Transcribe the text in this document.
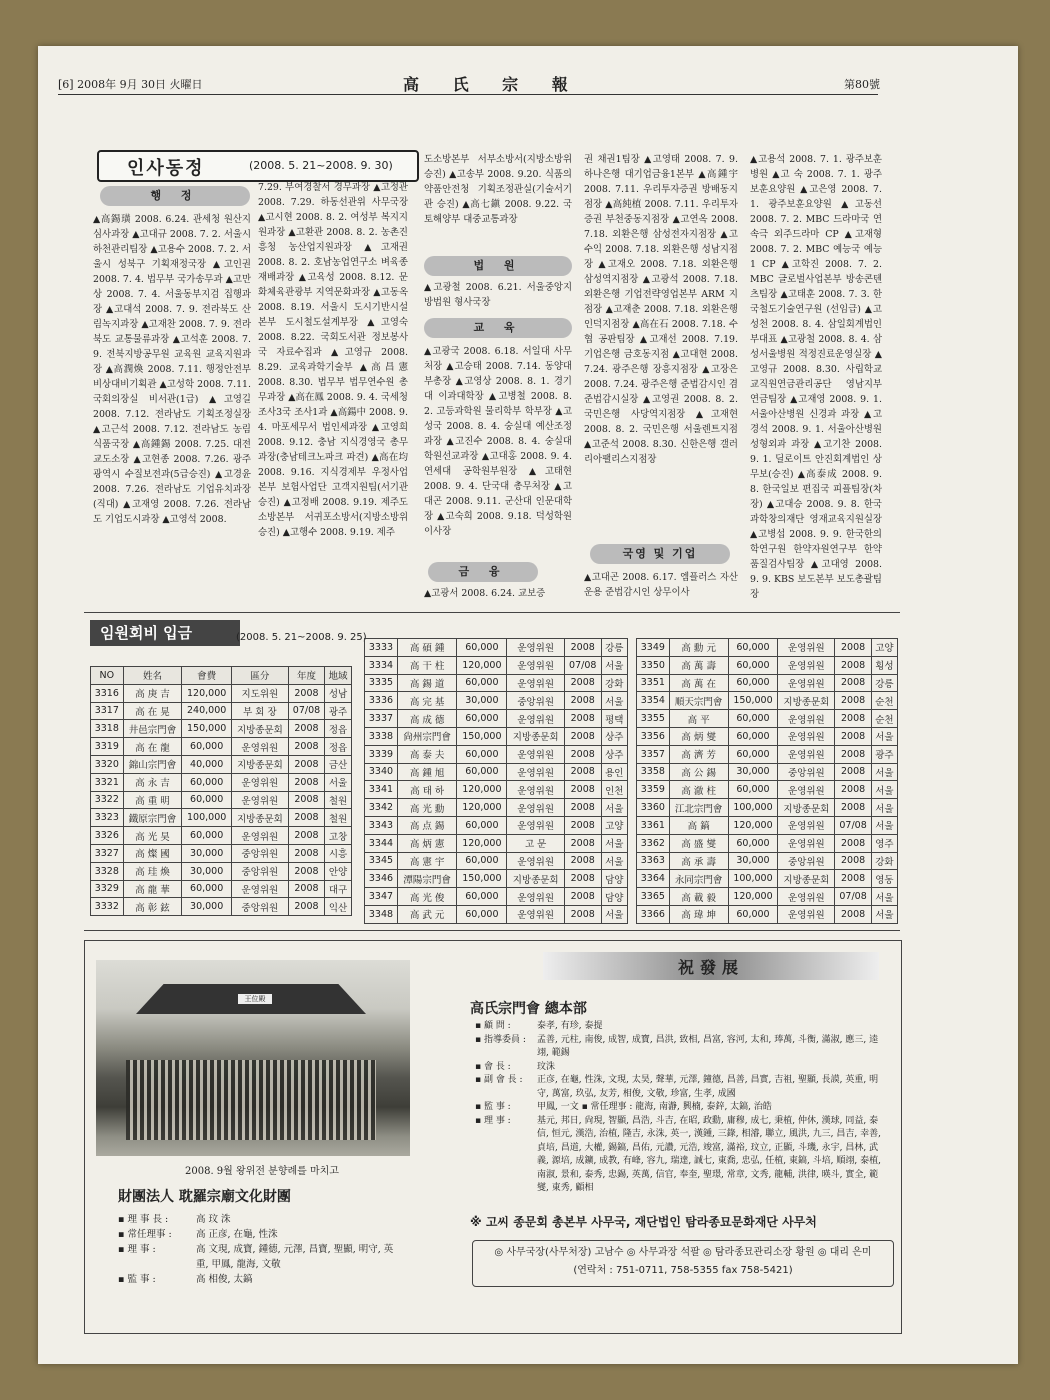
[6] 2008年 9月 30日 火曜日	高 氏 宗 報	第80號
인사동정	(2008. 5. 21~2008. 9. 30)
행 정
▲高錫璜 2008. 6.24. 관세청 원산지심사과장 ▲고대규 2008. 7. 2. 서울시 하천관리팀장 ▲고용수 2008. 7. 2. 서울시 성북구 기획재정국장 ▲고인권 2008. 7. 4. 법무부 국가송무과 ▲고만상 2008. 7. 4. 서울동부지검 집행과장 ▲고대석 2008. 7. 9. 전라북도 산림녹지과장 ▲고재찬 2008. 7. 9. 전라북도 교통물류과장 ▲고석훈 2008. 7. 9. 전북지방공무원 교육원 교육지원과장 ▲高潤煥 2008. 7.11. 행정안전부 비상대비기획관 ▲고성학 2008. 7.11. 국회의장실 비서관(1급) ▲고영길 2008. 7.12. 전라남도 기획조정실장 ▲고근석 2008. 7.12. 전라남도 농림식품국장 ▲高鍾錫 2008. 7.25. 대전교도소장 ▲고현종 2008. 7.26. 광주광역시 수질보전과(5급승진) ▲고경윤 2008. 7.26. 전라남도 기업유치과장(직대) ▲고재영 2008. 7.26. 전라남도 기업도시과장 ▲고영석 2008.
7.29. 부여경찰서 경무과장 ▲고정관 2008. 7.29. 하동선관위 사무국장 ▲고시현 2008. 8. 2. 여성부 복지지원과장 ▲고환관 2008. 8. 2. 농촌진흥청 농산업지원과장 ▲고재권 2008. 8. 2. 호남농업연구소 벼육종재배과장 ▲고육성 2008. 8.12. 문화체육관광부 지역문화과장 ▲고동옥 2008. 8.19. 서울시 도시기반시설본부 도시철도설계부장 ▲고영숙 2008. 8.22. 국회도서관 정보봉사국 자료수집과 ▲고영규 2008. 8.29. 교육과학기술부 ▲高昌憲 2008. 8.30. 법무부 법무연수원 총무과장 ▲高在鳳 2008. 9. 4. 국세청 조사3국 조사1과 ▲高鍚中 2008. 9. 4. 마포세무서 법인세과장 ▲고영희 2008. 9.12. 충남 지식경영국 총무과장(충남테크노파크 파견) ▲高在均 2008. 9.16. 지식경제부 우정사업본부 보험사업단 고객지원팀(서기관승진) ▲고정배 2008. 9.19. 제주도소방본부 서귀포소방서(지방소방위승진) ▲고행수 2008. 9.19. 제주
도소방본부 서부소방서(지방소방위 승진) ▲고송부 2008. 9.20. 식품의약품안전청 기획조정관실(기술서기관 승진) ▲高七鎭 2008. 9.22. 국토해양부 대중교통과장
법 원
▲고광철 2008. 6.21. 서울중앙지방법원 형사국장
교 육
▲고광국 2008. 6.18. 서일대 사무처장 ▲고승태 2008. 7.14. 동양대 부총장 ▲고영상 2008. 8. 1. 경기대 이과대학장 ▲고병철 2008. 8. 2. 고등과학원 물리학부 학부장 ▲고성국 2008. 8. 4. 숭실대 예산조정과장 ▲고진수 2008. 8. 4. 숭실대 학원선교과장 ▲고대홍 2008. 9. 4. 연세대 공학원부원장 ▲고태현 2008. 9. 4. 단국대 총무처장 ▲고대곤 2008. 9.11. 군산대 인문대학장 ▲고숙희 2008. 9.18. 덕성학원 이사장
금 융
▲고광서 2008. 6.24. 교보증
권 채권1팀장 ▲고영태 2008. 7. 9. 하나은행 대기업금융1본부 ▲高鍾宇 2008. 7.11. 우리투자증권 방배동지점장 ▲高純植 2008. 7.11. 우리투자증권 부천중동지점장 ▲고연옥 2008. 7.18. 외환은행 삼성전자지점장 ▲고수익 2008. 7.18. 외환은행 성남지점장 ▲고재오 2008. 7.18. 외환은행 삼성역지점장 ▲고광석 2008. 7.18. 외환은행 기업전략영업본부 ARM 지점장 ▲고재춘 2008. 7.18. 외환은행 인덕지점장 ▲高在石 2008. 7.18. 수협 공판팀장 ▲고재선 2008. 7.19. 기업은행 금호동지점 ▲고대현 2008. 7.24. 광주은행 장흥지점장 ▲고장은 2008. 7.24. 광주은행 준법감시인 겸 준법감시실장 ▲고영권 2008. 8. 2. 국민은행 사당역지점장 ▲고재현 2008. 8. 2. 국민은행 서울렌트지점 ▲고준석 2008. 8.30. 신한은행 갤러리아팰리스지점장
국영 및 기업
▲고대곤 2008. 6.17. 엠플러스 자산운용 준법감시인 상무이사
▲고용석 2008. 7. 1. 광주보훈병원 ▲고 숙 2008. 7. 1. 광주보훈요양원 ▲고은영 2008. 7. 1. 광주보훈요양원 ▲고동선 2008. 7. 2. MBC 드라마국 연속극 외주드라마 CP ▲고재형 2008. 7. 2. MBC 예능국 예능1 CP ▲고학진 2008. 7. 2. MBC 글로벌사업본부 방송콘텐츠팀장 ▲고태훈 2008. 7. 3. 한국철도기술연구원 (선임급) ▲고성천 2008. 8. 4. 삼일회계법인 부대표 ▲고광철 2008. 8. 4. 삼성서울병원 적정진료운영실장 ▲고영규 2008. 8.30. 사립학교교직원연금관리공단 영남지부 연금팀장 ▲고재영 2008. 9. 1. 서울아산병원 신경과 과장 ▲고경석 2008. 9. 1. 서울아산병원 성형외과 과장 ▲고기찬 2008. 9. 1. 딜로이트 안진회계법인 상무보(승진) ▲高泰成 2008. 9. 8. 한국일보 편집국 피플팀장(차장) ▲고대승 2008. 9. 8. 한국과학창의재단 영재교육지원실장 ▲고병섭 2008. 9. 9. 한국한의학연구원 한약자원연구부 한약품질검사팀장 ▲고대영 2008. 9. 9. KBS 보도본부 보도총괄팀장
임원회비 입금	(2008. 5. 21~2008. 9. 25)
NO	姓名	會費	區分	年度	地域
3316	高 庚 吉	120,000	지도위원	2008	성남
3317	高 在 晃	240,000	부 회 장	07/08	광주
3318	井邑宗門會	150,000	지방종문회	2008	정읍
3319	高 在 龍	60,000	운영위원	2008	정읍
3320	錦山宗門會	40,000	지방종문회	2008	금산
3321	高 永 吉	60,000	운영위원	2008	서울
3322	高 重 明	60,000	운영위원	2008	철원
3323	鐵原宗門會	100,000	지방종문회	2008	철원
3326	高 光 昊	60,000	운영위원	2008	고창
3327	高 燦 國	30,000	중앙위원	2008	시흥
3328	高 珪 煥	30,000	중앙위원	2008	안양
3329	高 龍 華	60,000	운영위원	2008	대구
3332	高 彰 鉉	30,000	중앙위원	2008	익산
3333	高 碩 鍾	60,000	운영위원	2008	강릉
3334	高 干 柱	120,000	운영위원	07/08	서울
3335	高 錫 道	60,000	운영위원	2008	강화
3336	高 完 基	30,000	중앙위원	2008	서울
3337	高 成 德	60,000	운영위원	2008	평택
3338	尙州宗門會	150,000	지방종문회	2008	상주
3339	高 泰 夫	60,000	운영위원	2008	상주
3340	高 鍾 旭	60,000	운영위원	2008	용인
3341	高 태 하	120,000	운영위원	2008	인천
3342	高 光 勳	120,000	운영위원	2008	서울
3343	高 点 錫	60,000	운영위원	2008	고양
3344	高 炳 憲	120,000	고 문	2008	서울
3345	高 憲 宇	60,000	운영위원	2008	서울
3346	潭陽宗門會	150,000	지방종문회	2008	담양
3347	高 光 俊	60,000	운영위원	2008	담양
3348	高 武 元	60,000	운영위원	2008	서울
3349	高 勳 元	60,000	운영위원	2008	고양
3350	高 萬 壽	60,000	운영위원	2008	횡성
3351	高 萬 在	60,000	운영위원	2008	강릉
3354	順天宗門會	150,000	지방종문회	2008	순천
3355	高 平	60,000	운영위원	2008	순천
3356	高 炳 燮	60,000	운영위원	2008	서울
3357	高 濟 芳	60,000	운영위원	2008	광주
3358	高 公 錫	30,000	중앙위원	2008	서울
3359	高 澈 柱	60,000	운영위원	2008	서울
3360	江北宗門會	100,000	지방종문회	2008	서울
3361	高 鎬	120,000	운영위원	07/08	서울
3362	高 盛 燮	60,000	운영위원	2008	영주
3363	高 承 壽	30,000	중앙위원	2008	강화
3364	永同宗門會	100,000	지방종문회	2008	영동
3365	高 載 毅	120,000	운영위원	07/08	서울
3366	高 瑋 坤	60,000	운영위원	2008	서울
王位殿
2008. 9월 왕위전 분향례를 마치고
財團法人 耽羅宗廟文化財團
▪ 理 事 長 :	高 玟 洙
▪ 常任理事 :	高 正彦, 在龜, 性洙
▪ 理 事 :	高 文現, 成寶, 鍾德, 元澤, 昌寶, 聖顯, 明守, 英重, 甲鳳, 龍海, 文敬
▪ 監 事 :	高 相俊, 太鎬
祝發展
高氏宗門會 總本部
▪ 顧 問 :	泰孝, 有珍, 泰提
▪ 指導委員 :	孟善, 元柱, 南俊, 成智, 成寶, 昌洪, 致相, 昌富, 容河, 太和, 琫萬, 斗衡, 滿淑, 應三, 逵翊, 範錫
▪ 會 長 :	玟洙
▪ 副 會 長 :	正彦, 在龜, 性洙, 文現, 太昊, 聲華, 元澤, 鐘德, 昌善, 昌實, 吉祖, 聖顯, 長謨, 英重, 明守, 萬富, 玖弘, 友芳, 相俊, 文敬, 珍富, 生孝, 成國
▪ 監 事 :	甲鳳, 一文 ▪ 常任理事 : 龍海, 南瀞, 興楠, 泰鋅, 太鎬, 治皓
▪ 理 事 :	基元, 邦日, 尙現, 智顯, 昌浩, 斗吉, 在昭, 政勳, 庸穆, 成七, 秉植, 仲休, 漢球, 同益, 泰信, 恒元, 漢浩, 治植, 隆吉, 永洙, 英一, 漢鍾, 三錄, 相濬, 聯立, 風洪, 九三, 昌吉, 幸善, 貞培, 昌道, 大權, 錫鎬, 昌佑, 元讚, 元浩, 竣富, 滿裕, 玟立, 正顯, 斗璣, 永宇, 昌林, 武義, 源培, 成鑛, 成教, 有峰, 容九, 瑞達, 誠七, 東喬, 忠弘, 任植, 東鎬, 斗培, 順翊, 泰植, 南淑, 景和, 泰秀, 忠錫, 英萬, 信官, 奉奎, 聖璟, 常章, 文秀, 龍輔, 洪律, 暎斗, 實全, 範燮, 東秀, 顧相
※ 고씨 종문회 총본부 사무국, 재단법인 탐라종묘문화재단 사무처
◎ 사무국장(사무처장) 고남수 ◎ 사무과장 석팔 ◎ 탐라종묘관리소장 황원 ◎ 대리 은미
(연락처 : 751-0711, 758-5355 fax 758-5421)
